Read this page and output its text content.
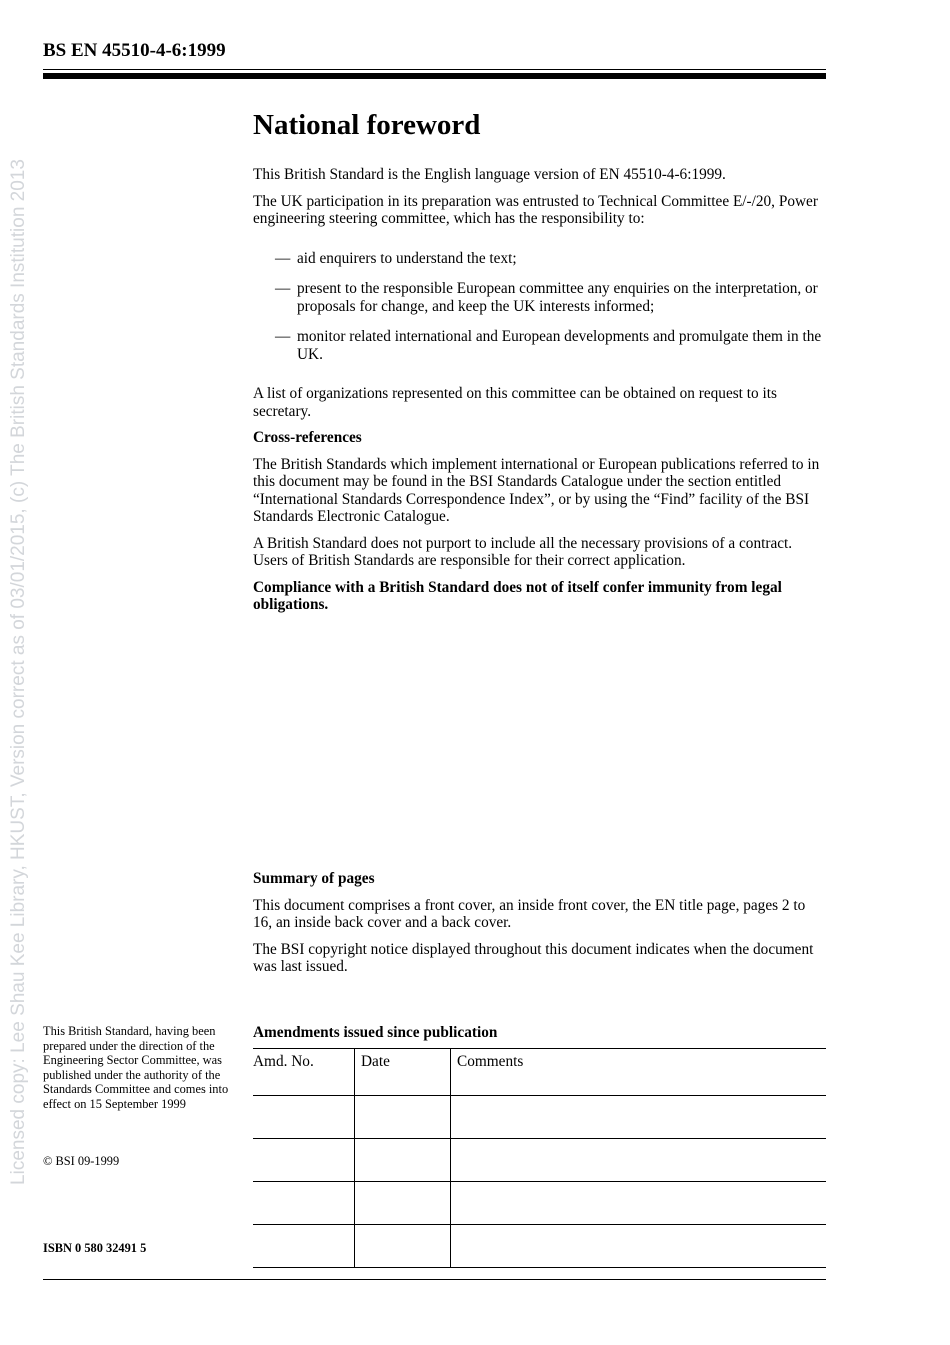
BS EN 45510-4-6:1999
Licensed copy: Lee Shau Kee Library, HKUST, Version correct as of 03/01/2015, (c) The British Standards Institution 2013
National foreword

This British Standard is the English language version of EN 45510-4-6:1999.

The UK participation in its preparation was entrusted to Technical Committee E/-/20, Power engineering steering committee, which has the responsibility to:

— aid enquirers to understand the text;
— present to the responsible European committee any enquiries on the interpretation, or proposals for change, and keep the UK interests informed;
— monitor related international and European developments and promulgate them in the UK.

A list of organizations represented on this committee can be obtained on request to its secretary.

Cross-references

The British Standards which implement international or European publications referred to in this document may be found in the BSI Standards Catalogue under the section entitled “International Standards Correspondence Index”, or by using the “Find” facility of the BSI Standards Electronic Catalogue.

A British Standard does not purport to include all the necessary provisions of a contract. Users of British Standards are responsible for their correct application.

Compliance with a British Standard does not of itself confer immunity from legal obligations.

Summary of pages

This document comprises a front cover, an inside front cover, the EN title page, pages 2 to 16, an inside back cover and a back cover.

The BSI copyright notice displayed throughout this document indicates when the document was last issued.

This British Standard, having been prepared under the direction of the Engineering Sector Committee, was published under the authority of the Standards Committee and comes into effect on 15 September 1999
© BSI 09-1999
ISBN 0 580 32491 5
Amendments issued since publication
Amd. No.	Date	Comments
